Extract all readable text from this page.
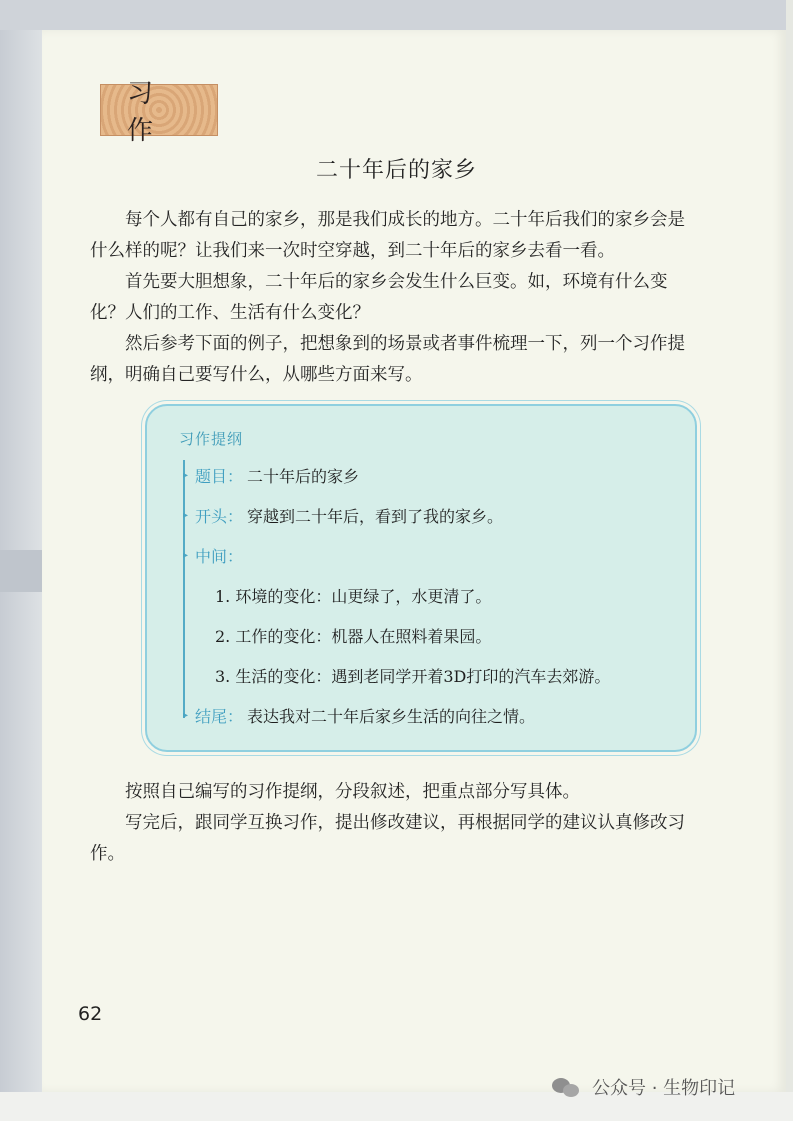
习作
二十年后的家乡
每个人都有自己的家乡，那是我们成长的地方。二十年后我们的家乡会是什么样的呢？让我们来一次时空穿越，到二十年后的家乡去看一看。
首先要大胆想象，二十年后的家乡会发生什么巨变。如，环境有什么变化？人们的工作、生活有什么变化？
然后参考下面的例子，把想象到的场景或者事件梳理一下，列一个习作提纲，明确自己要写什么，从哪些方面来写。
习作提纲
▸ 题目： 二十年后的家乡
▸ 开头： 穿越到二十年后，看到了我的家乡。
▸ 中间：
1. 环境的变化：山更绿了，水更清了。
2. 工作的变化：机器人在照料着果园。
3. 生活的变化：遇到老同学开着3D打印的汽车去郊游。
▸ 结尾： 表达我对二十年后家乡生活的向往之情。
按照自己编写的习作提纲，分段叙述，把重点部分写具体。
写完后，跟同学互换习作，提出修改建议，再根据同学的建议认真修改习作。
62
公众号 · 生物印记
